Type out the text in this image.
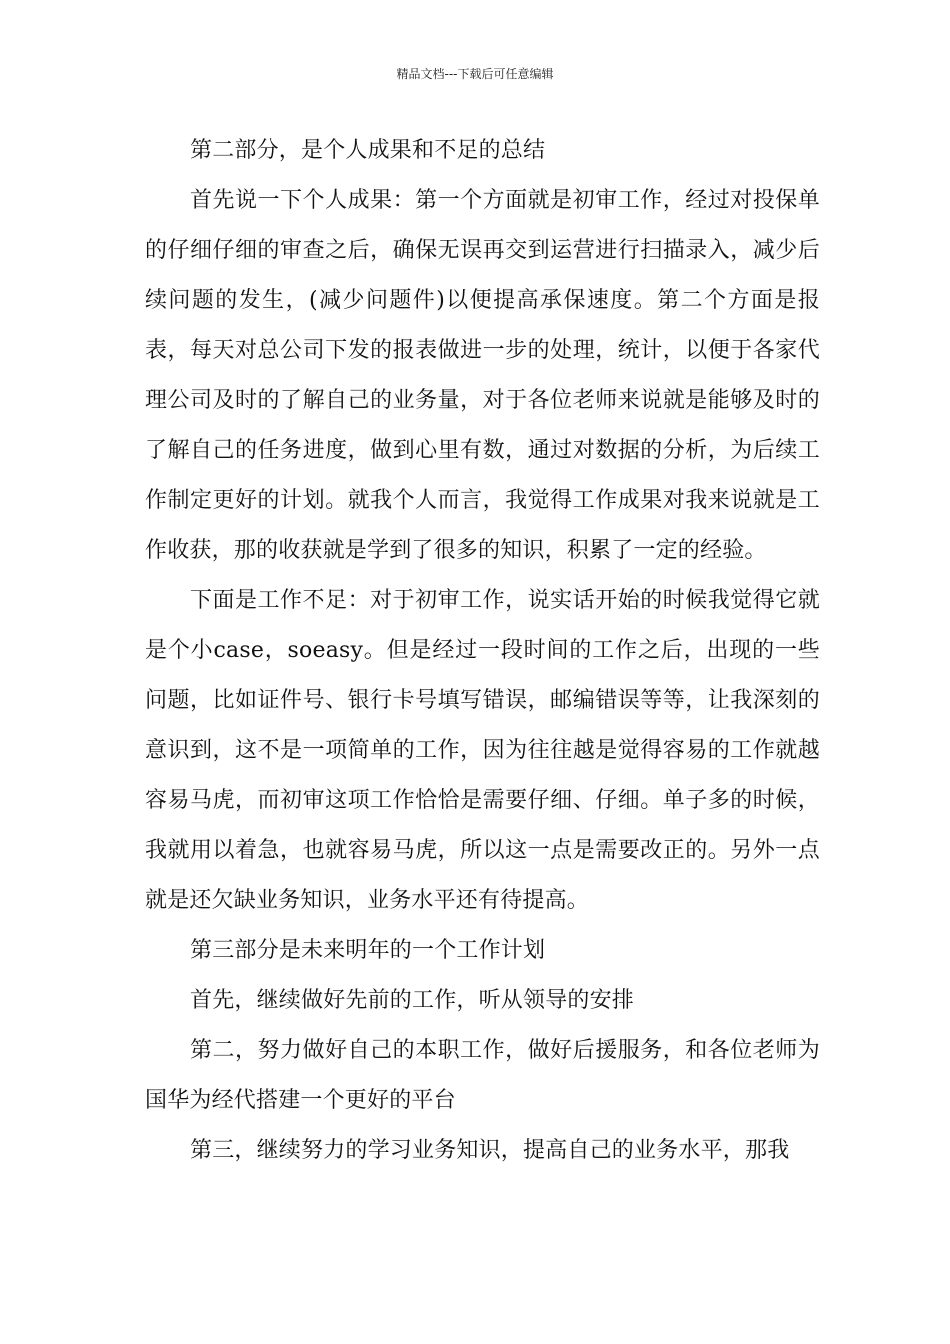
精品文档---下载后可任意编辑

第二部分，是个人成果和不足的总结

首先说一下个人成果：第一个方面就是初审工作，经过对投保单的仔细仔细的审查之后，确保无误再交到运营进行扫描录入，减少后续问题的发生，(减少问题件)以便提高承保速度。第二个方面是报表，每天对总公司下发的报表做进一步的处理，统计，以便于各家代理公司及时的了解自己的业务量，对于各位老师来说就是能够及时的了解自己的任务进度，做到心里有数，通过对数据的分析，为后续工作制定更好的计划。就我个人而言，我觉得工作成果对我来说就是工作收获，那的收获就是学到了很多的知识，积累了一定的经验。

下面是工作不足：对于初审工作，说实话开始的时候我觉得它就是个小case，soeasy。但是经过一段时间的工作之后，出现的一些问题，比如证件号、银行卡号填写错误，邮编错误等等，让我深刻的意识到，这不是一项简单的工作，因为往往越是觉得容易的工作就越容易马虎，而初审这项工作恰恰是需要仔细、仔细。单子多的时候，我就用以着急，也就容易马虎，所以这一点是需要改正的。另外一点就是还欠缺业务知识，业务水平还有待提高。

第三部分是未来明年的一个工作计划

首先，继续做好先前的工作，听从领导的安排

第二，努力做好自己的本职工作，做好后援服务，和各位老师为国华为经代搭建一个更好的平台

第三，继续努力的学习业务知识，提高自己的业务水平，那我
